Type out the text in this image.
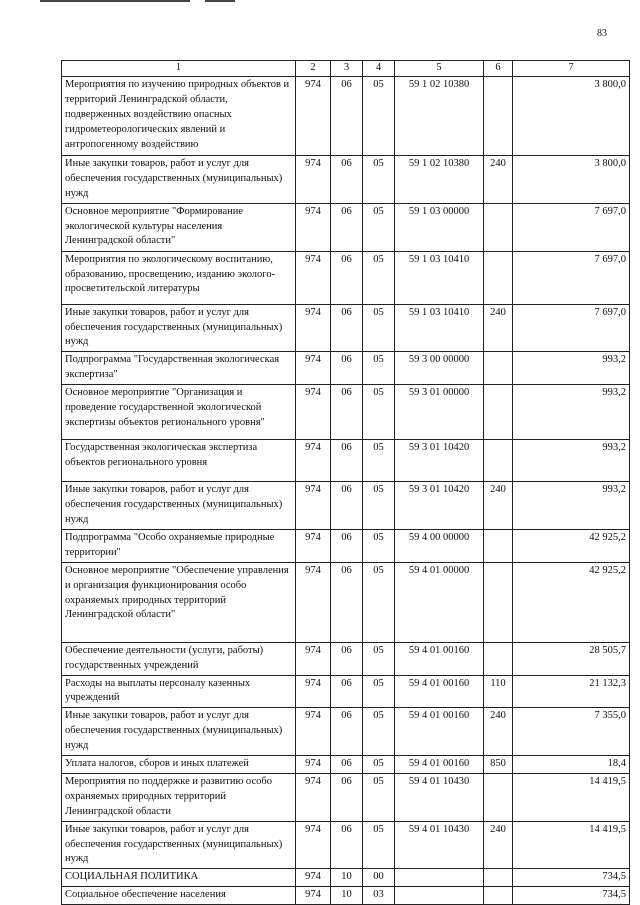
83
1	2	3	4	5	6	7
Мероприятия по изучению природных объектов и территорий Ленинградской области, подверженных воздействию опасных гидрометеорологических явлений и антропогенному воздействию	974	06	05	59 1 02 10380		3 800,0
Иные закупки товаров, работ и услуг для обеспечения государственных (муниципальных) нужд	974	06	05	59 1 02 10380	240	3 800,0
Основное мероприятие "Формирование экологической культуры населения Ленинградской области"	974	06	05	59 1 03 00000		7 697,0
Мероприятия по экологическому воспитанию, образованию, просвещению, изданию эколого-просветительской литературы	974	06	05	59 1 03 10410		7 697,0
Иные закупки товаров, работ и услуг для обеспечения государственных (муниципальных) нужд	974	06	05	59 1 03 10410	240	7 697,0
Подпрограмма "Государственная экологическая экспертиза"	974	06	05	59 3 00 00000		993,2
Основное мероприятие "Организация и проведение государственной экологической экспертизы объектов регионального уровня"	974	06	05	59 3 01 00000		993,2
Государственная экологическая экспертиза объектов регионального уровня	974	06	05	59 3 01 10420		993,2
Иные закупки товаров, работ и услуг для обеспечения государственных (муниципальных) нужд	974	06	05	59 3 01 10420	240	993,2
Подпрограмма "Особо охраняемые природные территории"	974	06	05	59 4 00 00000		42 925,2
Основное мероприятие "Обеспечение управления и организация функционирования особо охраняемых природных территорий Ленинградской области"	974	06	05	59 4 01 00000		42 925,2
Обеспечение деятельности (услуги, работы) государственных учреждений	974	06	05	59 4 01 00160		28 505,7
Расходы на выплаты персоналу казенных учреждений	974	06	05	59 4 01 00160	110	21 132,3
Иные закупки товаров, работ и услуг для обеспечения государственных (муниципальных) нужд	974	06	05	59 4 01 00160	240	7 355,0
Уплата налогов, сборов и иных платежей	974	06	05	59 4 01 00160	850	18,4
Мероприятия по поддержке и развитию особо охраняемых природных территорий Ленинградской области	974	06	05	59 4 01 10430		14 419,5
Иные закупки товаров, работ и услуг для обеспечения государственных (муниципальных) нужд	974	06	05	59 4 01 10430	240	14 419,5
СОЦИАЛЬНАЯ ПОЛИТИКА	974	10	00			734,5
Социальное обеспечение населения	974	10	03			734,5
